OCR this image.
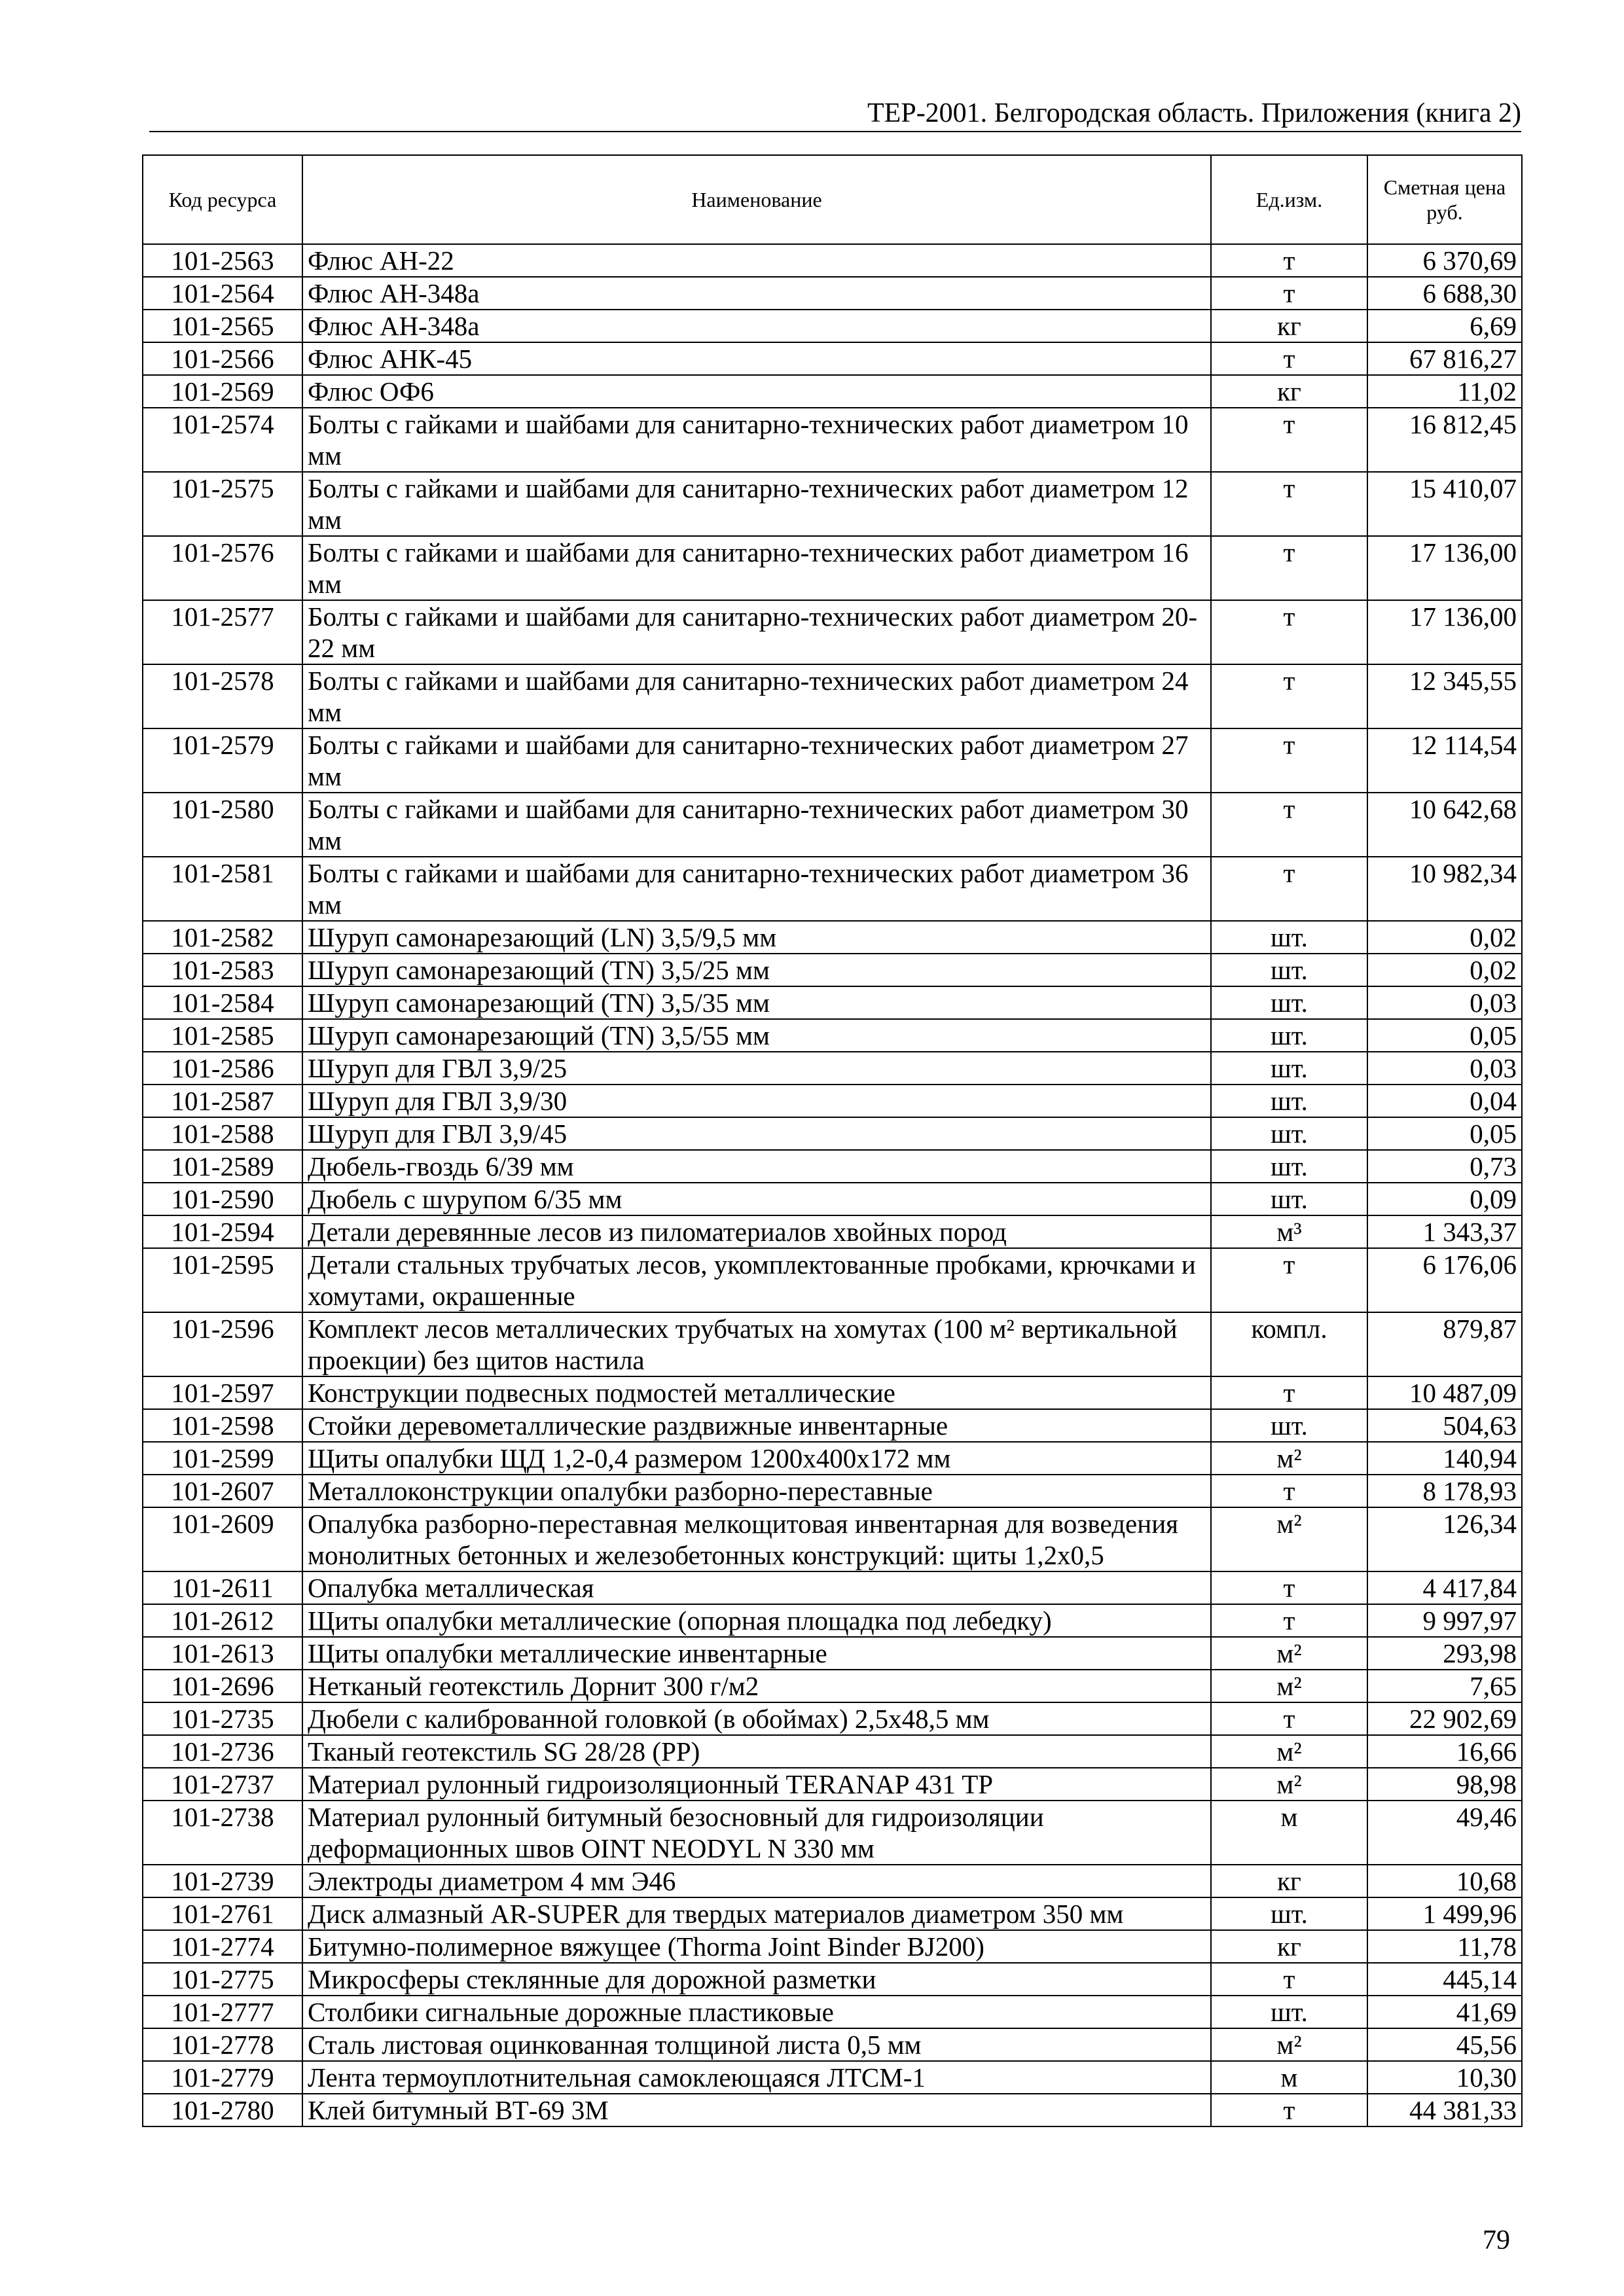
ТЕР-2001. Белгородская область. Приложения (книга 2)
Код ресурса	Наименование	Ед.изм.	Сметная цена руб.
101-2563	Флюс АН-22	т	6 370,69
101-2564	Флюс АН-348а	т	6 688,30
101-2565	Флюс АН-348а	кг	6,69
101-2566	Флюс АНК-45	т	67 816,27
101-2569	Флюс ОФ6	кг	11,02
101-2574	Болты с гайками и шайбами для санитарно-технических работ диаметром 10 мм	т	16 812,45
101-2575	Болты с гайками и шайбами для санитарно-технических работ диаметром 12 мм	т	15 410,07
101-2576	Болты с гайками и шайбами для санитарно-технических работ диаметром 16 мм	т	17 136,00
101-2577	Болты с гайками и шайбами для санитарно-технических работ диаметром 20-22 мм	т	17 136,00
101-2578	Болты с гайками и шайбами для санитарно-технических работ диаметром 24 мм	т	12 345,55
101-2579	Болты с гайками и шайбами для санитарно-технических работ диаметром 27 мм	т	12 114,54
101-2580	Болты с гайками и шайбами для санитарно-технических работ диаметром 30 мм	т	10 642,68
101-2581	Болты с гайками и шайбами для санитарно-технических работ диаметром 36 мм	т	10 982,34
101-2582	Шуруп самонарезающий (LN) 3,5/9,5 мм	шт.	0,02
101-2583	Шуруп самонарезающий (TN) 3,5/25 мм	шт.	0,02
101-2584	Шуруп самонарезающий (TN) 3,5/35 мм	шт.	0,03
101-2585	Шуруп самонарезающий (TN) 3,5/55 мм	шт.	0,05
101-2586	Шуруп для ГВЛ 3,9/25	шт.	0,03
101-2587	Шуруп для ГВЛ 3,9/30	шт.	0,04
101-2588	Шуруп для ГВЛ 3,9/45	шт.	0,05
101-2589	Дюбель-гвоздь 6/39 мм	шт.	0,73
101-2590	Дюбель с шурупом 6/35 мм	шт.	0,09
101-2594	Детали деревянные лесов из пиломатериалов хвойных пород	м³	1 343,37
101-2595	Детали стальных трубчатых лесов, укомплектованные пробками, крючками и хомутами, окрашенные	т	6 176,06
101-2596	Комплект лесов металлических трубчатых на хомутах (100 м² вертикальной проекции) без щитов настила	компл.	879,87
101-2597	Конструкции подвесных подмостей металлические	т	10 487,09
101-2598	Стойки деревометаллические раздвижные инвентарные	шт.	504,63
101-2599	Щиты опалубки ЩД 1,2-0,4 размером 1200х400х172 мм	м²	140,94
101-2607	Металлоконструкции опалубки разборно-переставные	т	8 178,93
101-2609	Опалубка разборно-переставная мелкощитовая инвентарная для возведения монолитных бетонных и железобетонных конструкций: щиты 1,2х0,5	м²	126,34
101-2611	Опалубка металлическая	т	4 417,84
101-2612	Щиты опалубки металлические (опорная площадка под лебедку)	т	9 997,97
101-2613	Щиты опалубки металлические инвентарные	м²	293,98
101-2696	Нетканый геотекстиль Дорнит 300 г/м2	м²	7,65
101-2735	Дюбели с калиброванной головкой (в обоймах) 2,5х48,5 мм	т	22 902,69
101-2736	Тканый геотекстиль SG 28/28 (PP)	м²	16,66
101-2737	Материал рулонный гидроизоляционный TERANAP 431 TP	м²	98,98
101-2738	Материал рулонный битумный безосновный для гидроизоляции деформационных швов OINT NEODYL N 330 мм	м	49,46
101-2739	Электроды диаметром 4 мм Э46	кг	10,68
101-2761	Диск алмазный AR-SUPER для твердых материалов диаметром 350 мм	шт.	1 499,96
101-2774	Битумно-полимерное вяжущее (Thorma Joint Binder BJ200)	кг	11,78
101-2775	Микросферы стеклянные для дорожной разметки	т	445,14
101-2777	Столбики сигнальные дорожные пластиковые	шт.	41,69
101-2778	Сталь листовая оцинкованная толщиной листа 0,5 мм	м²	45,56
101-2779	Лента термоуплотнительная самоклеющаяся ЛТСМ-1	м	10,30
101-2780	Клей битумный ВТ-69 3М	т	44 381,33
79
